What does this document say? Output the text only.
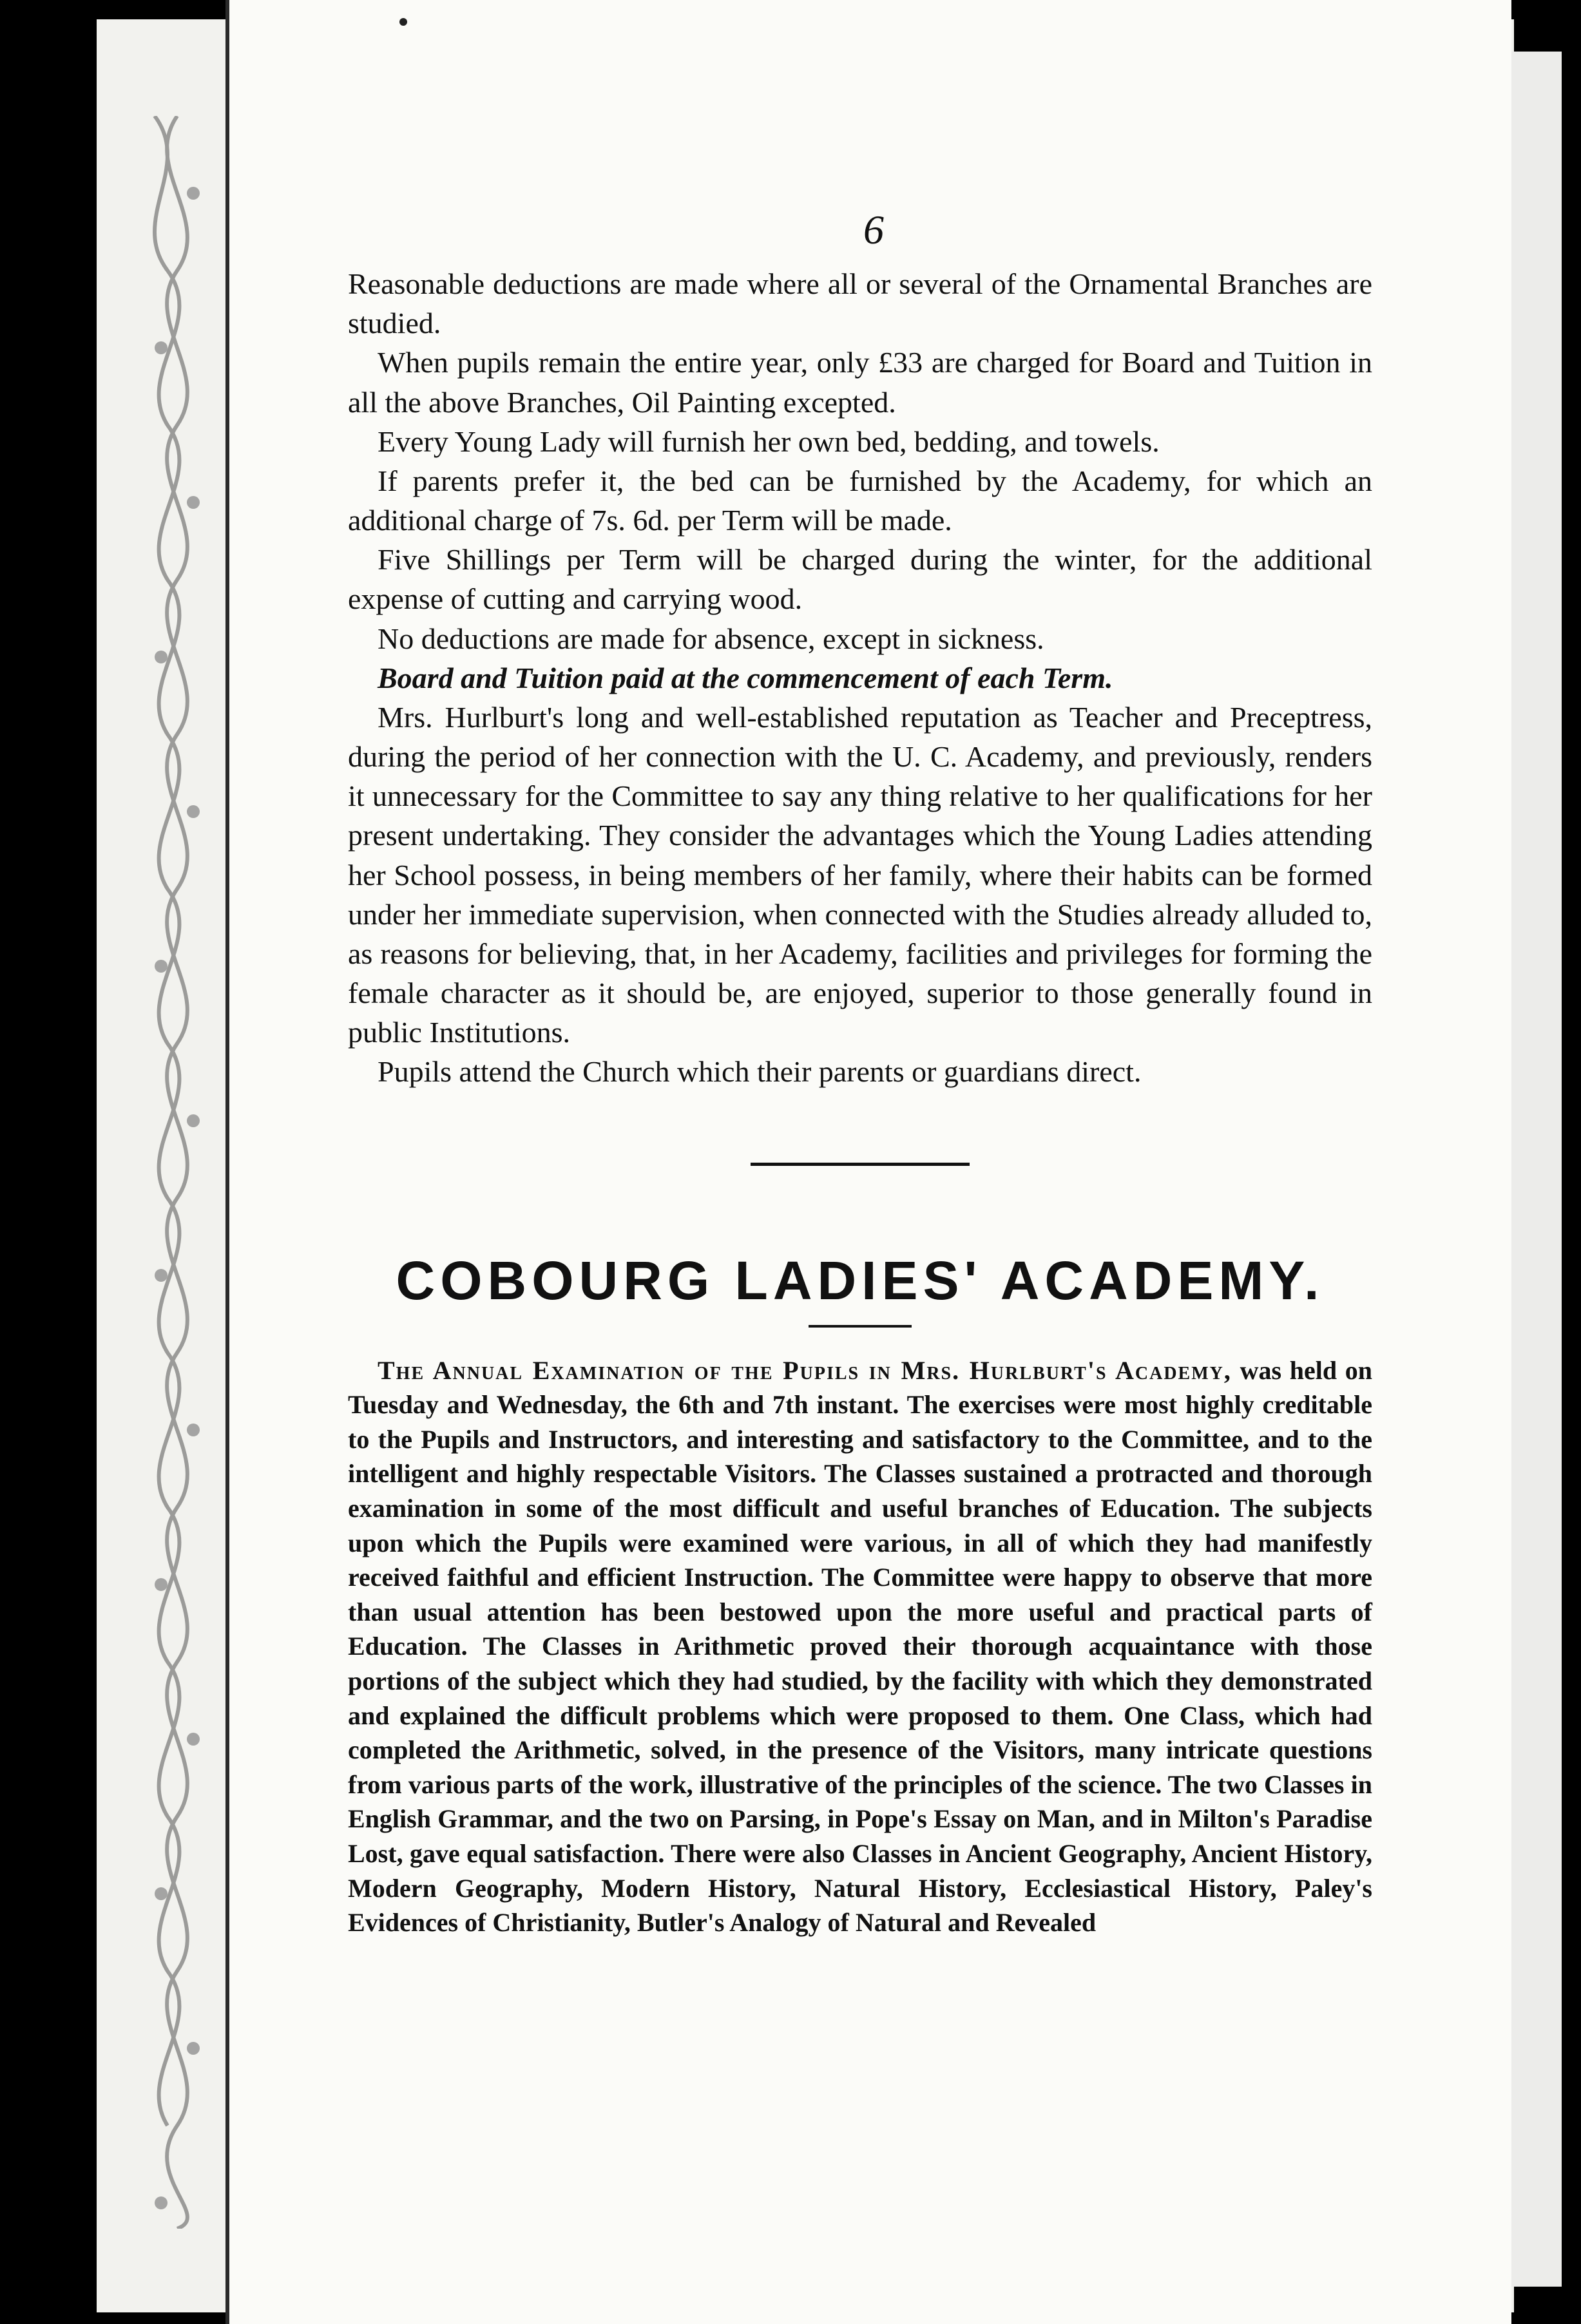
6

Reasonable deductions are made where all or several of the Ornamental Branches are studied.

When pupils remain the entire year, only £33 are charged for Board and Tuition in all the above Branches, Oil Painting excepted.

Every Young Lady will furnish her own bed, bedding, and towels.

If parents prefer it, the bed can be furnished by the Academy, for which an additional charge of 7s. 6d. per Term will be made.

Five Shillings per Term will be charged during the winter, for the additional expense of cutting and carrying wood.

No deductions are made for absence, except in sickness.

Board and Tuition paid at the commencement of each Term.

Mrs. Hurlburt's long and well-established reputation as Teacher and Preceptress, during the period of her connection with the U. C. Academy, and previously, renders it unnecessary for the Committee to say any thing relative to her qualifications for her present undertaking. They consider the advantages which the Young Ladies attending her School possess, in being members of her family, where their habits can be formed under her immediate supervision, when connected with the Studies already alluded to, as reasons for believing, that, in her Academy, facilities and privileges for forming the female character as it should be, are enjoyed, superior to those generally found in public Institutions.

Pupils attend the Church which their parents or guardians direct.

COBOURG LADIES' ACADEMY.

The Annual Examination of the Pupils in Mrs. Hurlburt's Academy, was held on Tuesday and Wednesday, the 6th and 7th instant. The exercises were most highly creditable to the Pupils and Instructors, and interesting and satisfactory to the Committee, and to the intelligent and highly respectable Visitors. The Classes sustained a protracted and thorough examination in some of the most difficult and useful branches of Education. The subjects upon which the Pupils were examined were various, in all of which they had manifestly received faithful and efficient Instruction. The Committee were happy to observe that more than usual attention has been bestowed upon the more useful and practical parts of Education. The Classes in Arithmetic proved their thorough acquaintance with those portions of the subject which they had studied, by the facility with which they demonstrated and explained the difficult problems which were proposed to them. One Class, which had completed the Arithmetic, solved, in the presence of the Visitors, many intricate questions from various parts of the work, illustrative of the principles of the science. The two Classes in English Grammar, and the two on Parsing, in Pope's Essay on Man, and in Milton's Paradise Lost, gave equal satisfaction. There were also Classes in Ancient Geography, Ancient History, Modern Geography, Modern History, Natural History, Ecclesiastical History, Paley's Evidences of Christianity, Butler's Analogy of Natural and Revealed
